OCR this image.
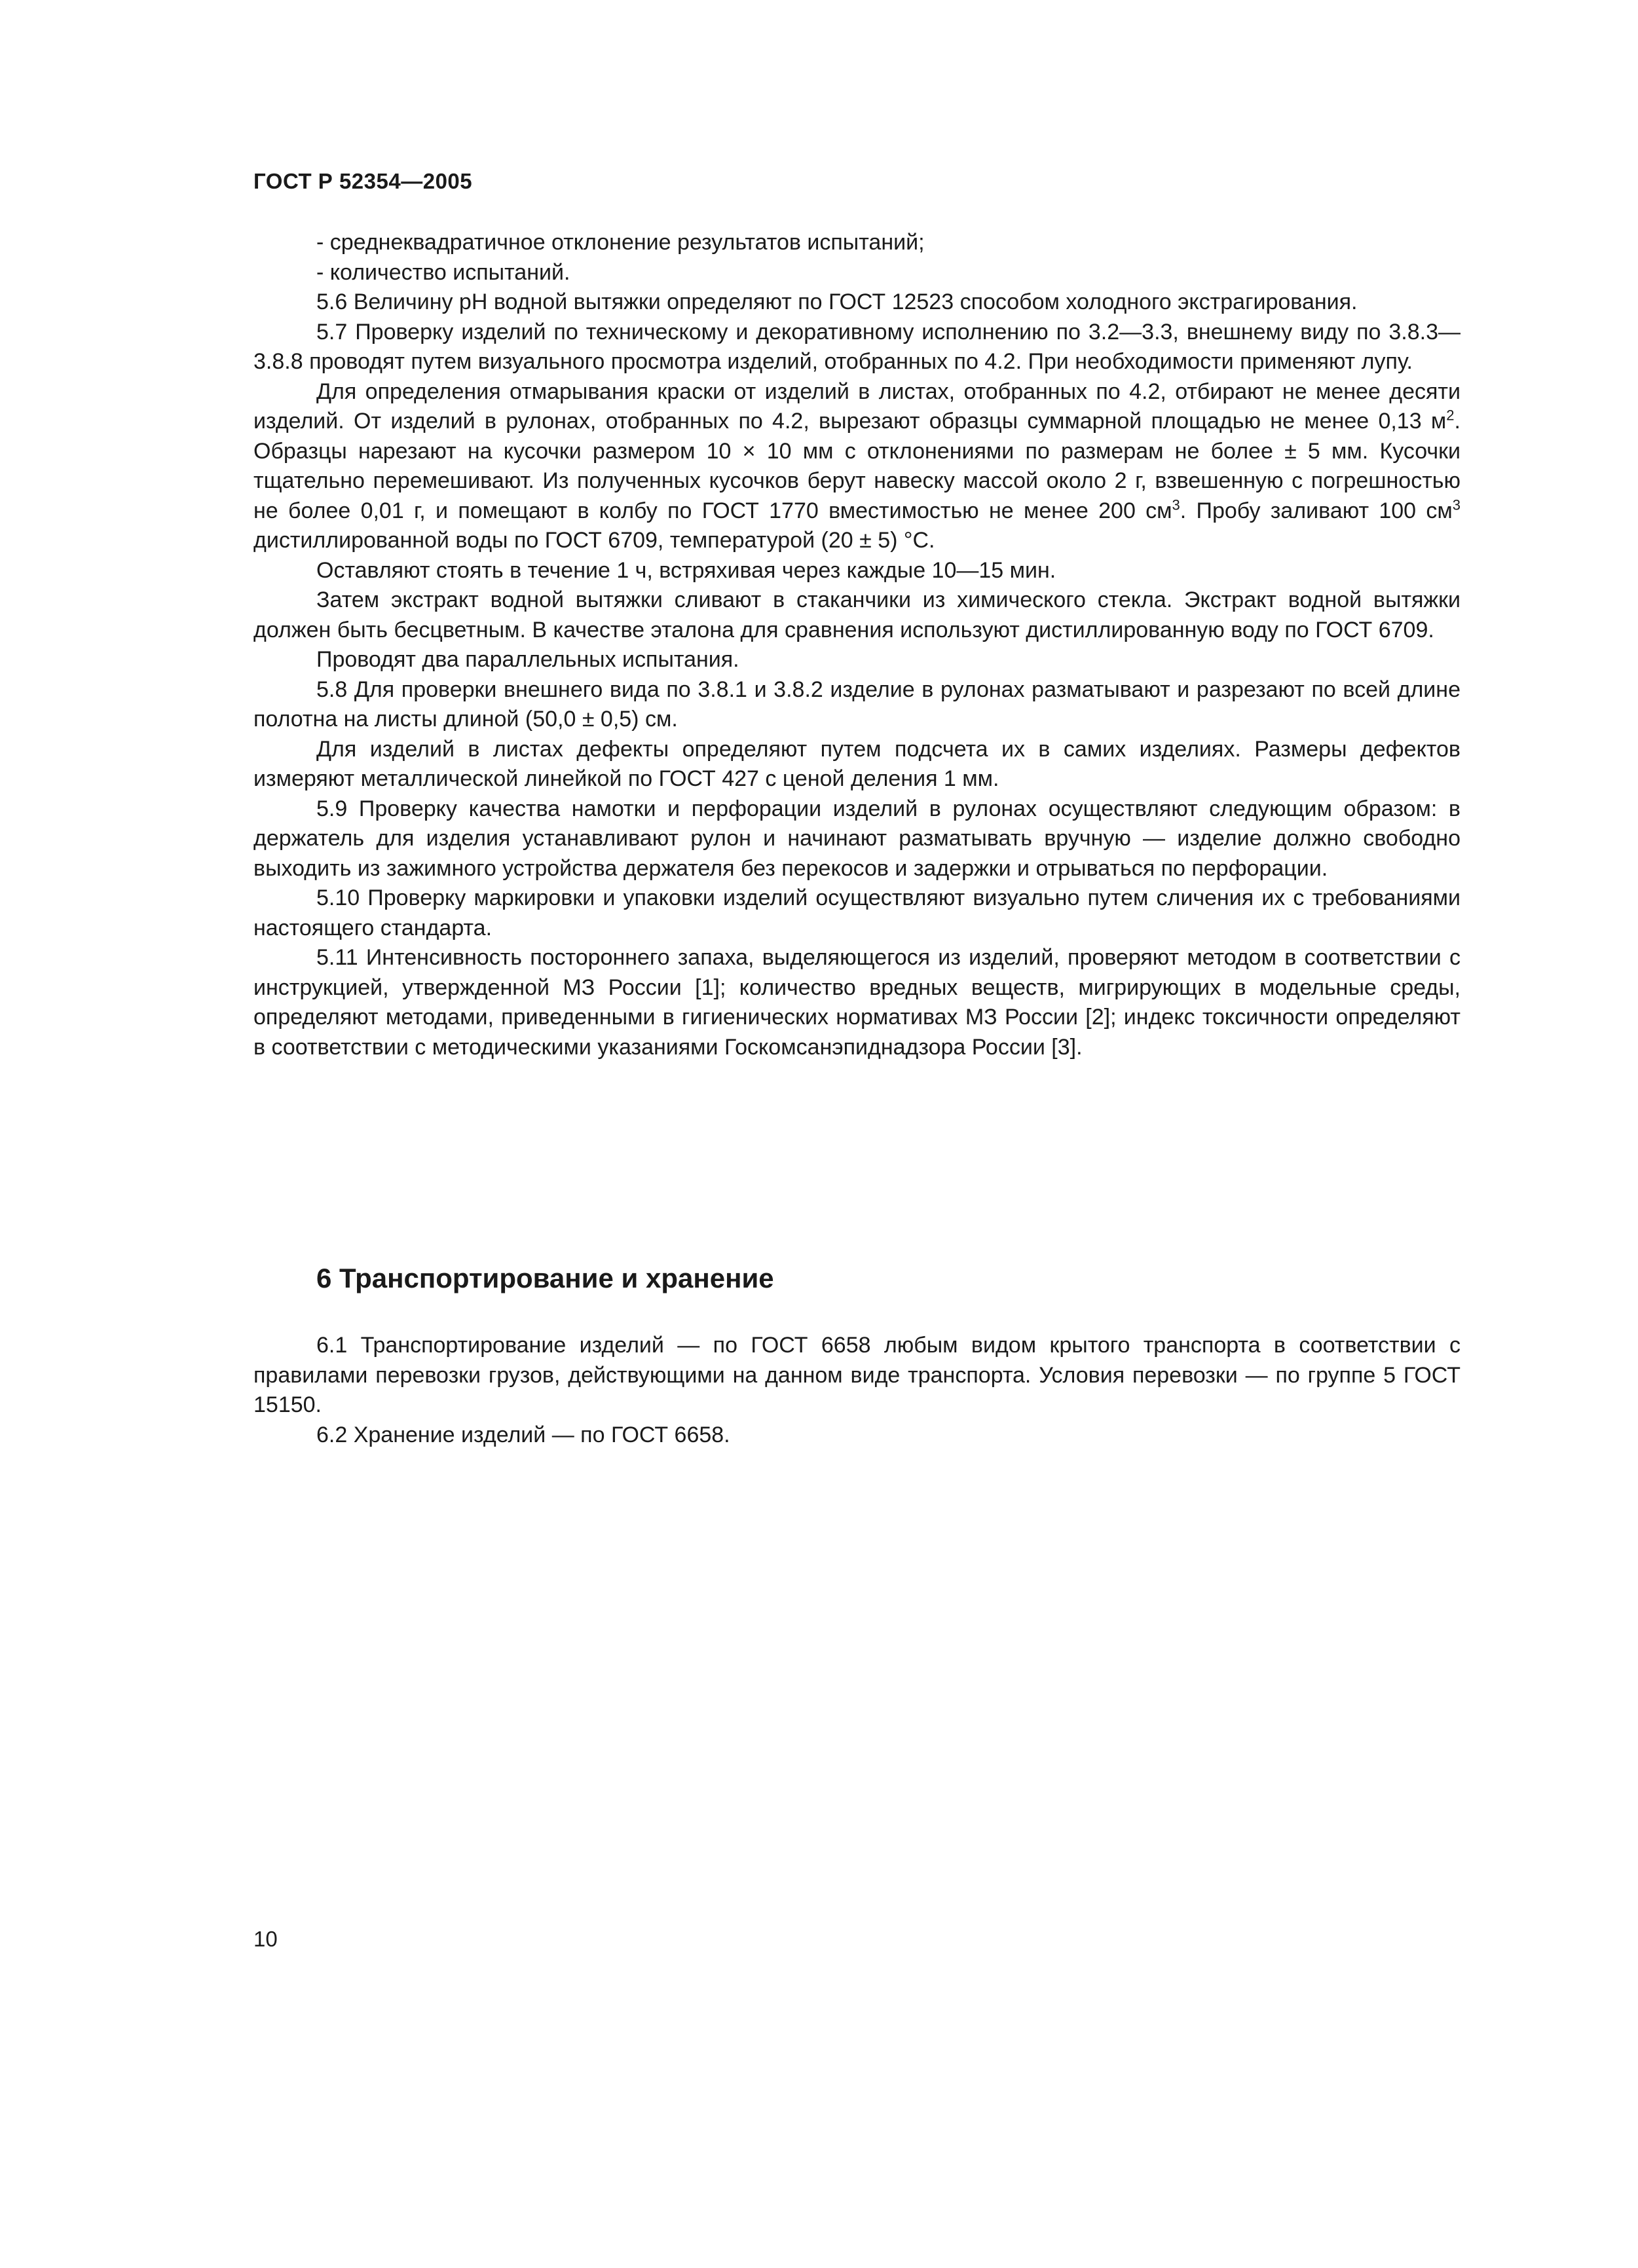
ГОСТ Р 52354—2005

- среднеквадратичное отклонение результатов испытаний;

- количество испытаний.

5.6 Величину pH водной вытяжки определяют по ГОСТ 12523 способом холодного экстрагирования.

5.7 Проверку изделий по техническому и декоративному исполнению по 3.2—3.3, внешнему виду по 3.8.3—3.8.8 проводят путем визуального просмотра изделий, отобранных по 4.2. При необходимости применяют лупу.

Для определения отмарывания краски от изделий в листах, отобранных по 4.2, отбирают не менее десяти изделий. От изделий в рулонах, отобранных по 4.2, вырезают образцы суммарной площадью не менее 0,13 $м^2$. Образцы нарезают на кусочки размером 10 × 10 мм с отклонениями по размерам не более ± 5 мм. Кусочки тщательно перемешивают. Из полученных кусочков берут навеску массой около 2 г, взвешенную с погрешностью не более 0,01 г, и помещают в колбу по ГОСТ 1770 вместимостью не менее 200 $см^3$. Пробу заливают 100 $см^3$ дистиллированной воды по ГОСТ 6709, температурой (20 ± 5) °С.

Оставляют стоять в течение 1 ч, встряхивая через каждые 10—15 мин.

Затем экстракт водной вытяжки сливают в стаканчики из химического стекла. Экстракт водной вытяжки должен быть бесцветным. В качестве эталона для сравнения используют дистиллированную воду по ГОСТ 6709.

Проводят два параллельных испытания.

5.8 Для проверки внешнего вида по 3.8.1 и 3.8.2 изделие в рулонах разматывают и разрезают по всей длине полотна на листы длиной (50,0 ± 0,5) см.

Для изделий в листах дефекты определяют путем подсчета их в самих изделиях. Размеры дефектов измеряют металлической линейкой по ГОСТ 427 с ценой деления 1 мм.

5.9 Проверку качества намотки и перфорации изделий в рулонах осуществляют следующим образом: в держатель для изделия устанавливают рулон и начинают разматывать вручную — изделие должно свободно выходить из зажимного устройства держателя без перекосов и задержки и отрываться по перфорации.

5.10 Проверку маркировки и упаковки изделий осуществляют визуально путем сличения их с требованиями настоящего стандарта.

5.11 Интенсивность постороннего запаха, выделяющегося из изделий, проверяют методом в соответствии с инструкцией, утвержденной МЗ России [1]; количество вредных веществ, мигрирующих в модельные среды, определяют методами, приведенными в гигиенических нормативах МЗ России [2]; индекс токсичности определяют в соответствии с методическими указаниями Госкомсанэпиднадзора России [3].

6 Транспортирование и хранение

6.1 Транспортирование изделий — по ГОСТ 6658 любым видом крытого транспорта в соответствии с правилами перевозки грузов, действующими на данном виде транспорта. Условия перевозки — по группе 5 ГОСТ 15150.

6.2 Хранение изделий — по ГОСТ 6658.

10
